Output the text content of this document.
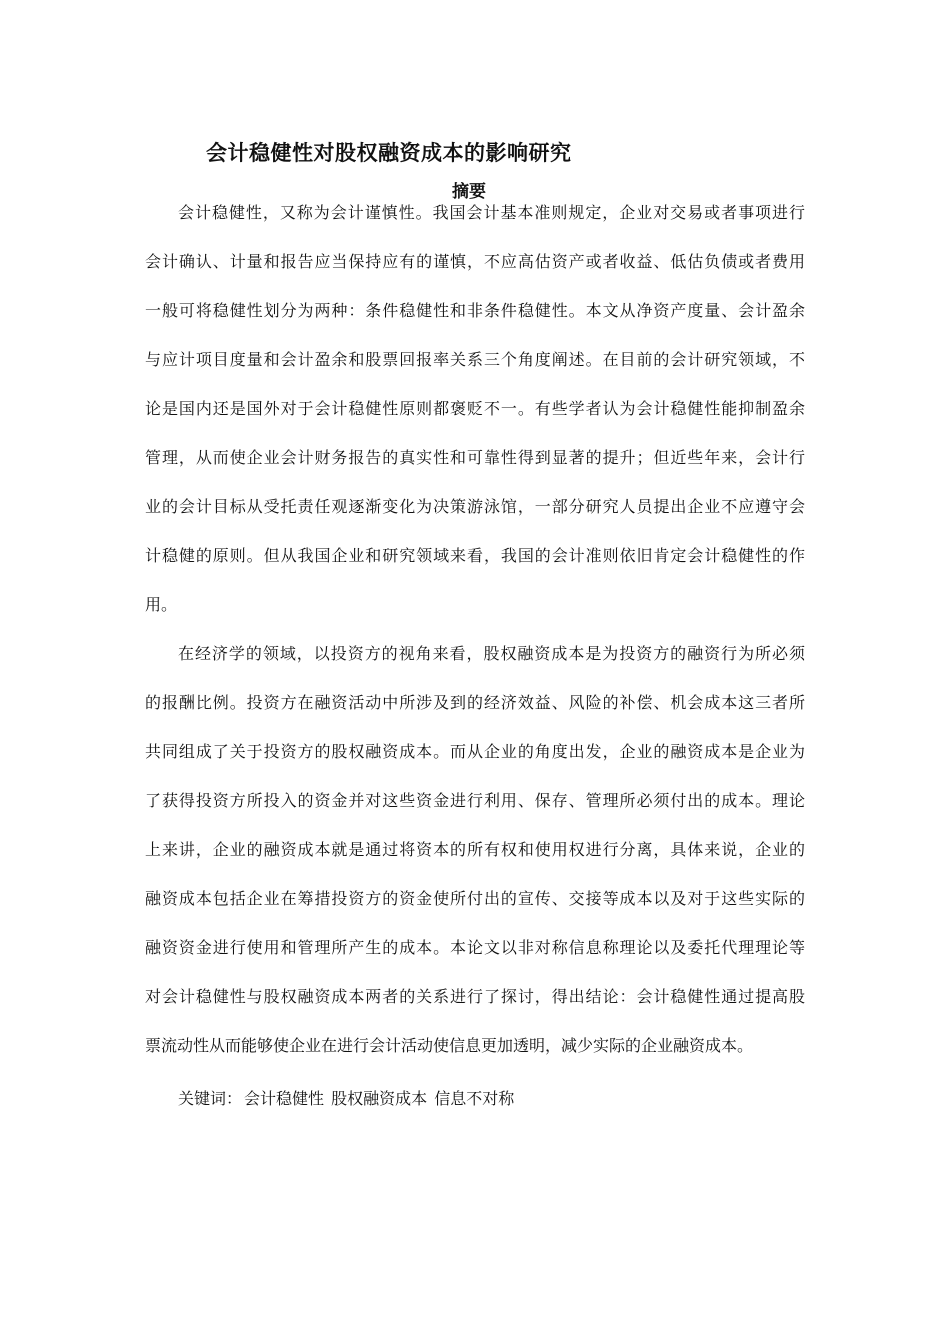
会计稳健性对股权融资成本的影响研究
摘要
会计稳健性，又称为会计谨慎性。我国会计基本准则规定，企业对交易或者事项进行
会计确认、计量和报告应当保持应有的谨慎，不应高估资产或者收益、低估负债或者费用
一般可将稳健性划分为两种：条件稳健性和非条件稳健性。本文从净资产度量、会计盈余
与应计项目度量和会计盈余和股票回报率关系三个角度阐述。在目前的会计研究领域，不
论是国内还是国外对于会计稳健性原则都褒贬不一。有些学者认为会计稳健性能抑制盈余
管理，从而使企业会计财务报告的真实性和可靠性得到显著的提升；但近些年来，会计行
业的会计目标从受托责任观逐渐变化为决策游泳馆，一部分研究人员提出企业不应遵守会
计稳健的原则。但从我国企业和研究领域来看，我国的会计准则依旧肯定会计稳健性的作
用。
在经济学的领域，以投资方的视角来看，股权融资成本是为投资方的融资行为所必须
的报酬比例。投资方在融资活动中所涉及到的经济效益、风险的补偿、机会成本这三者所
共同组成了关于投资方的股权融资成本。而从企业的角度出发，企业的融资成本是企业为
了获得投资方所投入的资金并对这些资金进行利用、保存、管理所必须付出的成本。理论
上来讲，企业的融资成本就是通过将资本的所有权和使用权进行分离，具体来说，企业的
融资成本包括企业在筹措投资方的资金使所付出的宣传、交接等成本以及对于这些实际的
融资资金进行使用和管理所产生的成本。本论文以非对称信息称理论以及委托代理理论等
对会计稳健性与股权融资成本两者的关系进行了探讨，得出结论：会计稳健性通过提高股
票流动性从而能够使企业在进行会计活动使信息更加透明，减少实际的企业融资成本。
关键词： 会计稳健性 股权融资成本 信息不对称
